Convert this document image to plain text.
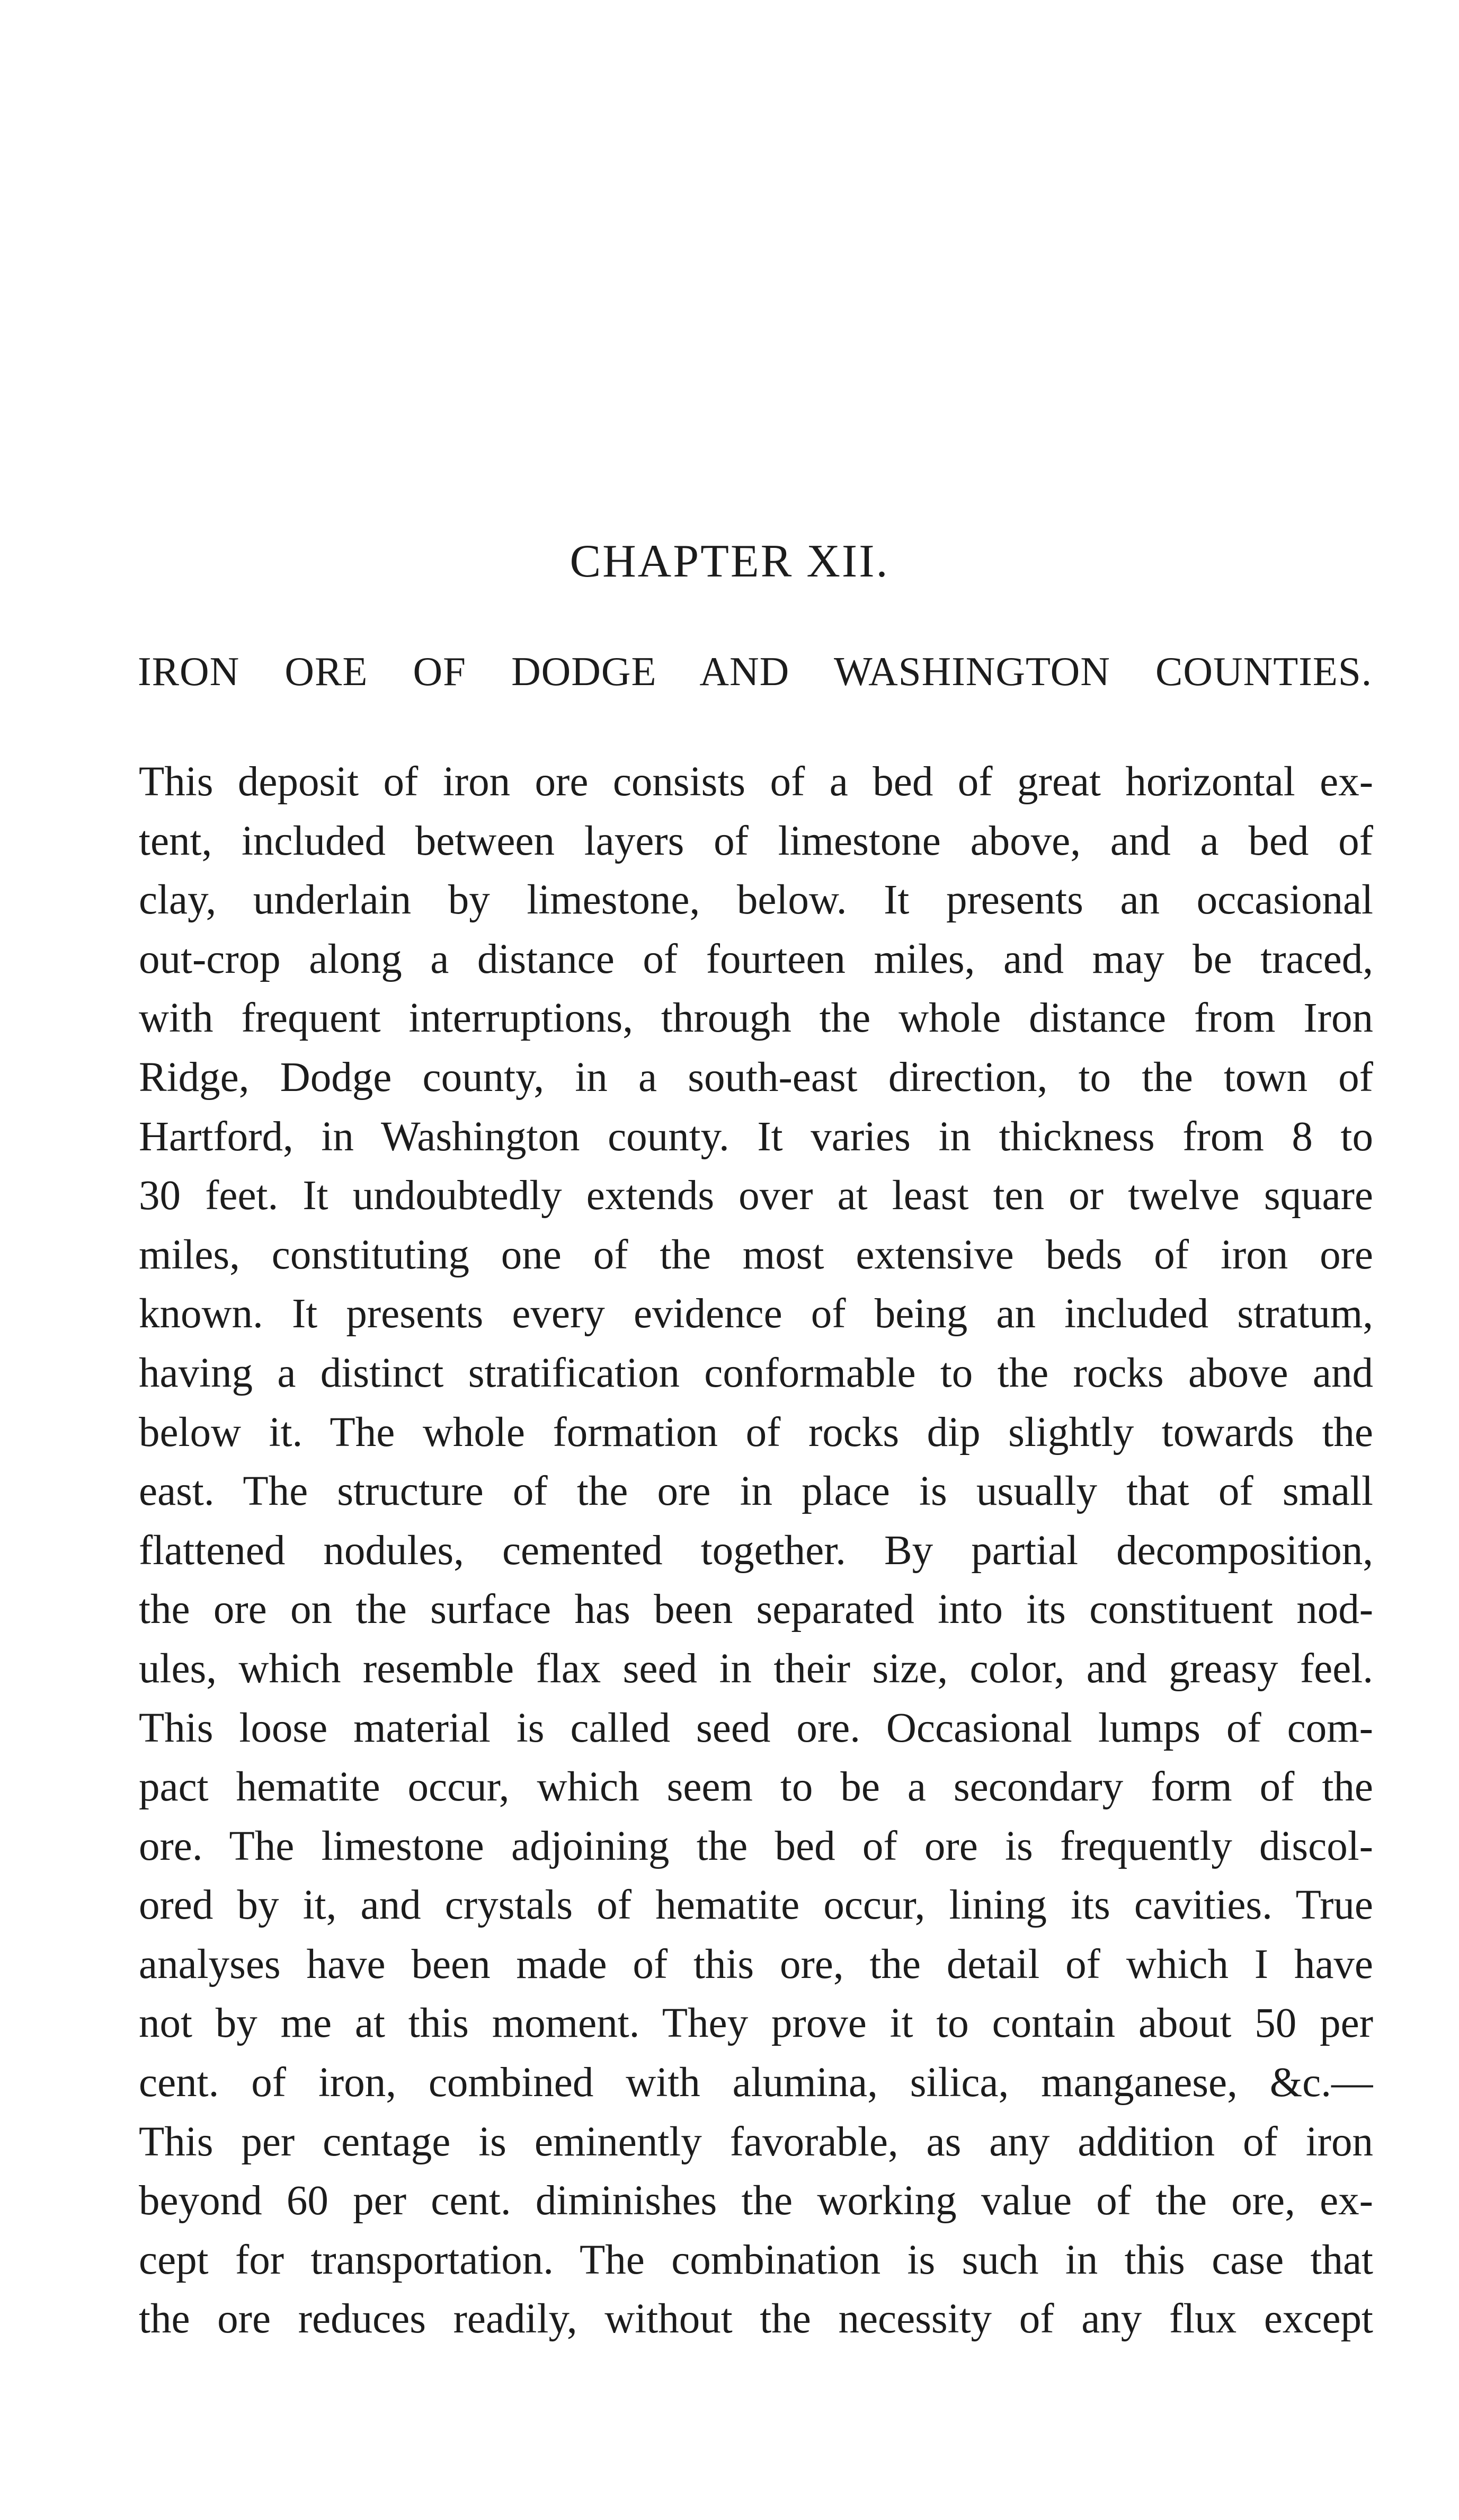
CHAPTER XII.
IRON ORE OF DODGE AND WASHINGTON COUNTIES.
This deposit of iron ore consists of a bed of great horizontal ex-
tent, included between layers of limestone above, and a bed of
clay, underlain by limestone, below. It presents an occasional
out-crop along a distance of fourteen miles, and may be traced,
with frequent interruptions, through the whole distance from Iron
Ridge, Dodge county, in a south-east direction, to the town of
Hartford, in Washington county. It varies in thickness from 8 to
30 feet. It undoubtedly extends over at least ten or twelve square
miles, constituting one of the most extensive beds of iron ore
known. It presents every evidence of being an included stratum,
having a distinct stratification conformable to the rocks above and
below it. The whole formation of rocks dip slightly towards the
east. The structure of the ore in place is usually that of small
flattened nodules, cemented together. By partial decomposition,
the ore on the surface has been separated into its constituent nod-
ules, which resemble flax seed in their size, color, and greasy feel.
This loose material is called seed ore. Occasional lumps of com-
pact hematite occur, which seem to be a secondary form of the
ore. The limestone adjoining the bed of ore is frequently discol-
ored by it, and crystals of hematite occur, lining its cavities. True
analyses have been made of this ore, the detail of which I have
not by me at this moment. They prove it to contain about 50 per
cent. of iron, combined with alumina, silica, manganese, &c.—
This per centage is eminently favorable, as any addition of iron
beyond 60 per cent. diminishes the working value of the ore, ex-
cept for transportation. The combination is such in this case that
the ore reduces readily, without the necessity of any flux except
